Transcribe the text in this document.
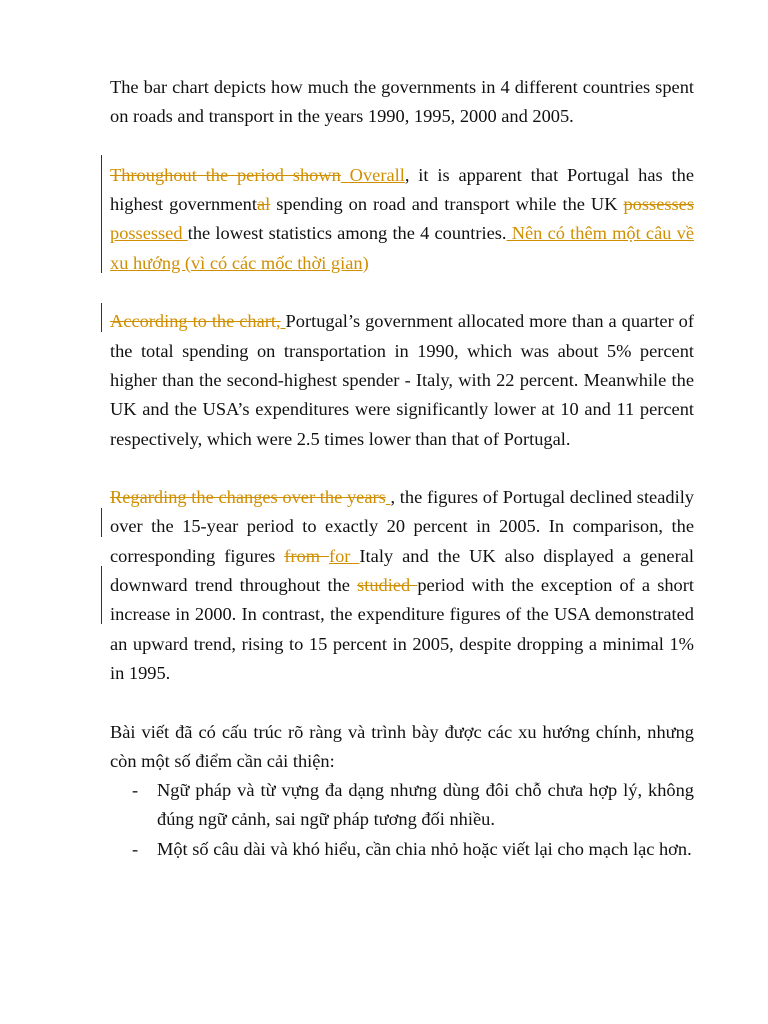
The bar chart depicts how much the governments in 4 different countries spent on roads and transport in the years 1990, 1995, 2000 and 2005.

Throughout the period shown Overall, it is apparent that Portugal has the highest governmental spending on road and transport while the UK possesses possessed the lowest statistics among the 4 countries. Nên có thêm một câu về xu hướng (vì có các mốc thời gian)

According to the chart, Portugal’s government allocated more than a quarter of the total spending on transportation in 1990, which was about 5% percent higher than the second-highest spender - Italy, with 22 percent. Meanwhile the UK and the USA’s expenditures were significantly lower at 10 and 11 percent respectively, which were 2.5 times lower than that of Portugal.

Regarding the changes over the years , the figures of Portugal declined steadily over the 15-year period to exactly 20 percent in 2005. In comparison, the corresponding figures from for Italy and the UK also displayed a general downward trend throughout the studied period with the exception of a short increase in 2000. In contrast, the expenditure figures of the USA demonstrated an upward trend, rising to 15 percent in 2005, despite dropping a minimal 1% in 1995.

Bài viết đã có cấu trúc rõ ràng và trình bày được các xu hướng chính, nhưng còn một số điểm cần cải thiện:

- Ngữ pháp và từ vựng đa dạng nhưng dùng đôi chỗ chưa hợp lý, không đúng ngữ cảnh, sai ngữ pháp tương đối nhiều.
- Một số câu dài và khó hiểu, cần chia nhỏ hoặc viết lại cho mạch lạc hơn.
